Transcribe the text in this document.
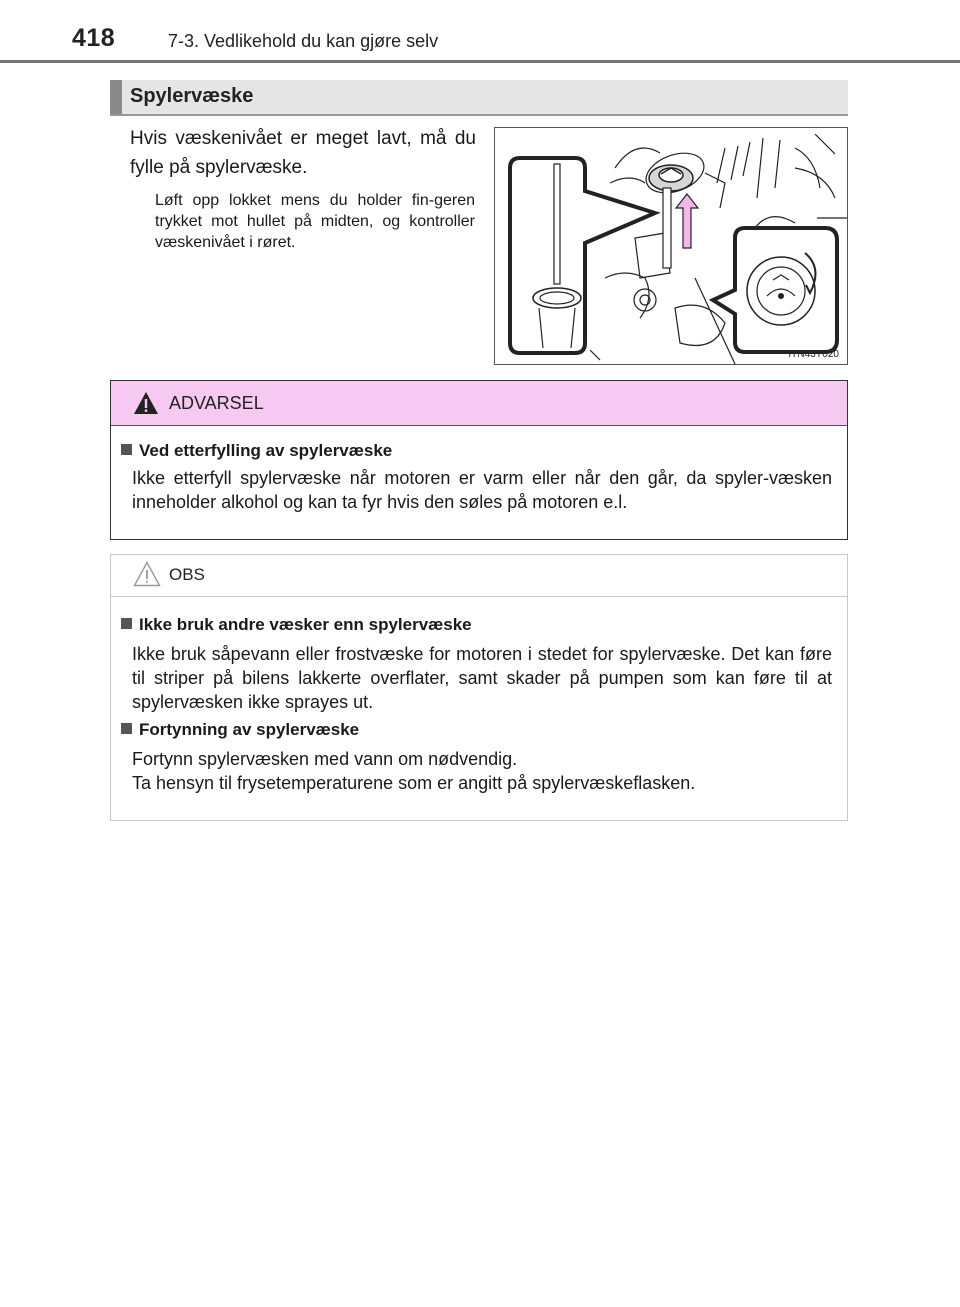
418	7-3. Vedlikehold du kan gjøre selv
Spylervæske
Hvis væskenivået er meget lavt, må du fylle på spylervæske.
Løft opp lokket mens du holder fin-geren trykket mot hullet på midten, og kontroller væskenivået i røret.
ITN43Y020
ADVARSEL
Ved etterfylling av spylervæske
Ikke etterfyll spylervæske når motoren er varm eller når den går, da spyler-væsken inneholder alkohol og kan ta fyr hvis den søles på motoren e.l.
OBS
Ikke bruk andre væsker enn spylervæske
Ikke bruk såpevann eller frostvæske for motoren i stedet for spylervæske. Det kan føre til striper på bilens lakkerte overflater, samt skader på pumpen som kan føre til at spylervæsken ikke sprayes ut.
Fortynning av spylervæske
Fortynn spylervæsken med vann om nødvendig.
Ta hensyn til frysetemperaturene som er angitt på spylervæskeflasken.
